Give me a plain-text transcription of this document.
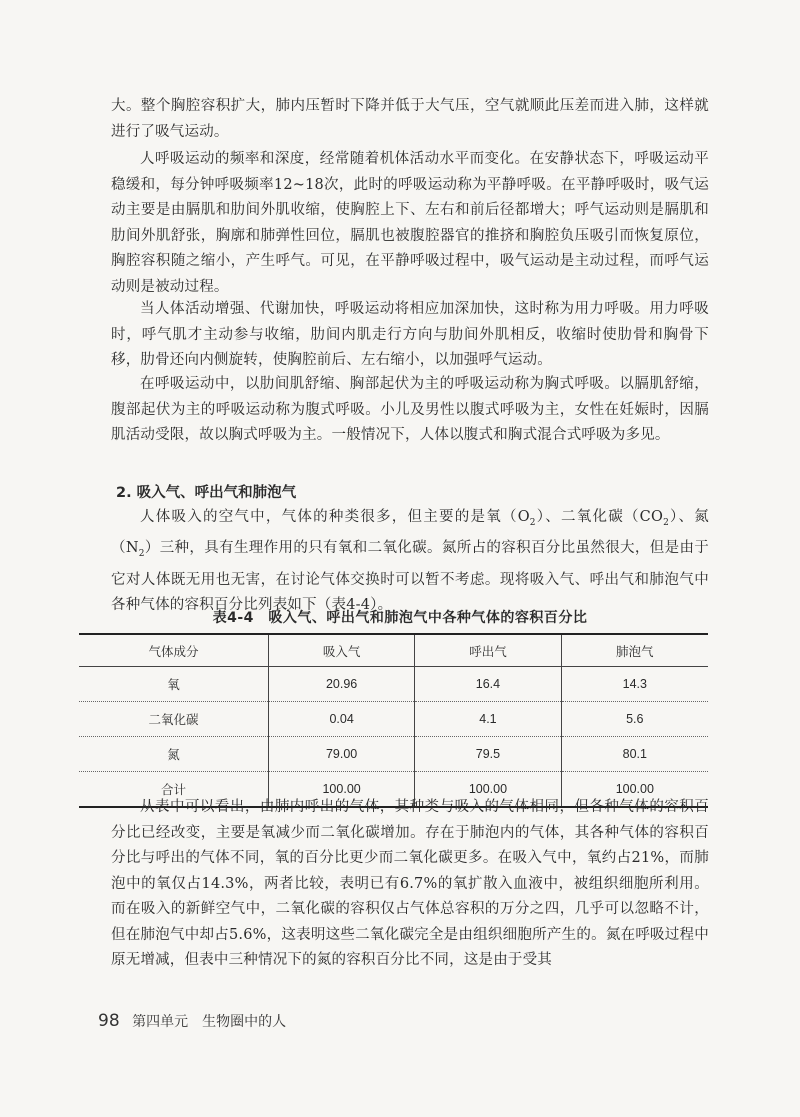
大。整个胸腔容积扩大，肺内压暂时下降并低于大气压，空气就顺此压差而进入肺，这样就进行了吸气运动。

人呼吸运动的频率和深度，经常随着机体活动水平而变化。在安静状态下，呼吸运动平稳缓和，每分钟呼吸频率12~18次，此时的呼吸运动称为平静呼吸。在平静呼吸时，吸气运动主要是由膈肌和肋间外肌收缩，使胸腔上下、左右和前后径都增大；呼气运动则是膈肌和肋间外肌舒张，胸廓和肺弹性回位，膈肌也被腹腔器官的推挤和胸腔负压吸引而恢复原位，胸腔容积随之缩小，产生呼气。可见，在平静呼吸过程中，吸气运动是主动过程，而呼气运动则是被动过程。

当人体活动增强、代谢加快，呼吸运动将相应加深加快，这时称为用力呼吸。用力呼吸时，呼气肌才主动参与收缩，肋间内肌走行方向与肋间外肌相反，收缩时使肋骨和胸骨下移，肋骨还向内侧旋转，使胸腔前后、左右缩小，以加强呼气运动。

在呼吸运动中，以肋间肌舒缩、胸部起伏为主的呼吸运动称为胸式呼吸。以膈肌舒缩，腹部起伏为主的呼吸运动称为腹式呼吸。小儿及男性以腹式呼吸为主，女性在妊娠时，因膈肌活动受限，故以胸式呼吸为主。一般情况下，人体以腹式和胸式混合式呼吸为多见。

2. 吸入气、呼出气和肺泡气

人体吸入的空气中，气体的种类很多，但主要的是氧$(O_2)$、二氧化碳$(CO_2)$、氮$(N_2)$三种，具有生理作用的只有氧和二氧化碳。氮所占的容积百分比虽然很大，但是由于它对人体既无用也无害，在讨论气体交换时可以暂不考虑。现将吸入气、呼出气和肺泡气中各种气体的容积百分比列表如下（表4-4）。

表4-4　吸入气、呼出气和肺泡气中各种气体的容积百分比

气体成分	吸入气	呼出气	肺泡气
氧	20.96	16.4	14.3
二氧化碳	0.04	4.1	5.6
氮	79.00	79.5	80.1
合计	100.00	100.00	100.00

从表中可以看出，由肺内呼出的气体，其种类与吸入的气体相同，但各种气体的容积百分比已经改变，主要是氧减少而二氧化碳增加。存在于肺泡内的气体，其各种气体的容积百分比与呼出的气体不同，氧的百分比更少而二氧化碳更多。在吸入气中，氧约占21%，而肺泡中的氧仅占14.3%，两者比较，表明已有6.7%的氧扩散入血液中，被组织细胞所利用。而在吸入的新鲜空气中，二氧化碳的容积仅占气体总容积的万分之四，几乎可以忽略不计，但在肺泡气中却占5.6%，这表明这些二氧化碳完全是由组织细胞所产生的。氮在呼吸过程中原无增减，但表中三种情况下的氮的容积百分比不同，这是由于受其

98 第四单元　生物圈中的人
